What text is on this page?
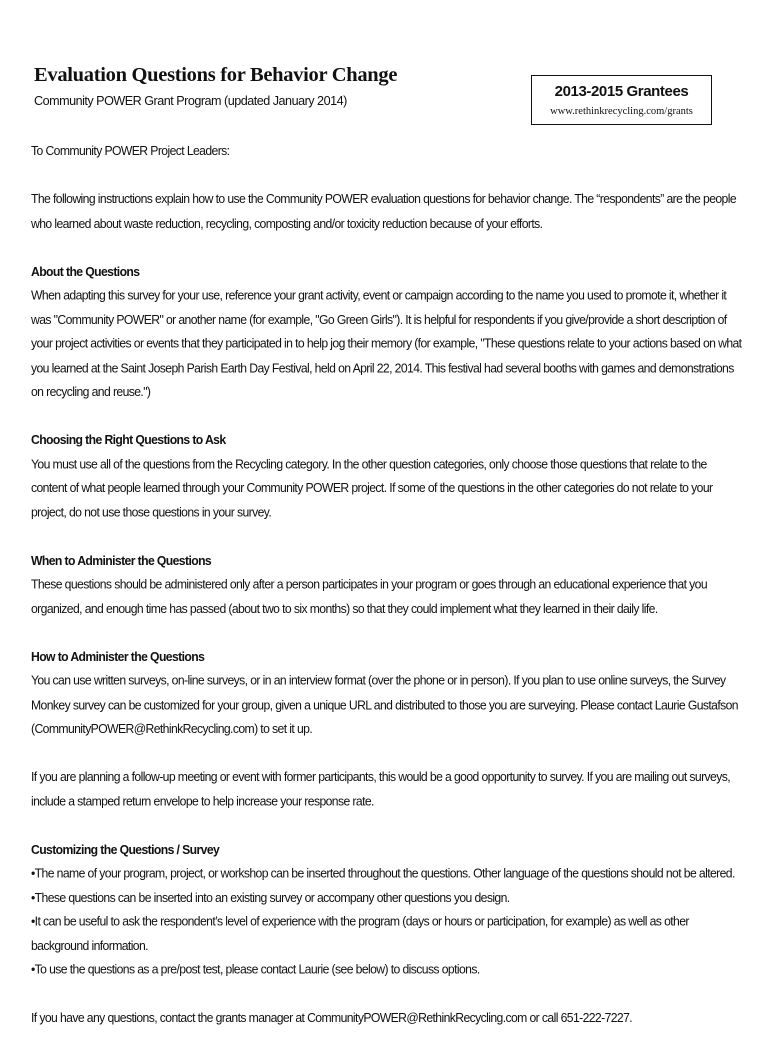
Evaluation Questions for Behavior Change
Community POWER Grant Program (updated January 2014)
2013-2015 Grantees
www.rethinkrecycling.com/grants

To Community POWER Project Leaders:

The following instructions explain how to use the Community POWER evaluation questions for behavior change. The “respondents” are the people who learned about waste reduction, recycling, composting and/or toxicity reduction because of your efforts.

About the Questions

When adapting this survey for your use, reference your grant activity, event or campaign according to the name you used to promote it, whether it was "Community POWER" or another name (for example, "Go Green Girls"). It is helpful for respondents if you give/provide a short description of your project activities or events that they participated in to help jog their memory (for example, "These questions relate to your actions based on what you learned at the Saint Joseph Parish Earth Day Festival, held on April 22, 2014. This festival had several booths with games and demonstrations on recycling and reuse.")

Choosing the Right Questions to Ask

You must use all of the questions from the Recycling category. In the other question categories, only choose those questions that relate to the content of what people learned through your Community POWER project. If some of the questions in the other categories do not relate to your project, do not use those questions in your survey.

When to Administer the Questions

These questions should be administered only after a person participates in your program or goes through an educational experience that you organized, and enough time has passed (about two to six months) so that they could implement what they learned in their daily life.

How to Administer the Questions

You can use written surveys, on-line surveys, or in an interview format (over the phone or in person). If you plan to use online surveys, the Survey Monkey survey can be customized for your group, given a unique URL and distributed to those you are surveying. Please contact Laurie Gustafson (CommunityPOWER@RethinkRecycling.com) to set it up.

If you are planning a follow-up meeting or event with former participants, this would be a good opportunity to survey. If you are mailing out surveys, include a stamped return envelope to help increase your response rate.

Customizing the Questions / Survey
• The name of your program, project, or workshop can be inserted throughout the questions. Other language of the questions should not be altered.
• These questions can be inserted into an existing survey or accompany other questions you design.
• It can be useful to ask the respondent’s level of experience with the program (days or hours or participation, for example) as well as other background information.
• To use the questions as a pre/post test, please contact Laurie (see below) to discuss options.

If you have any questions, contact the grants manager at CommunityPOWER@RethinkRecycling.com or call 651-222-7227.
